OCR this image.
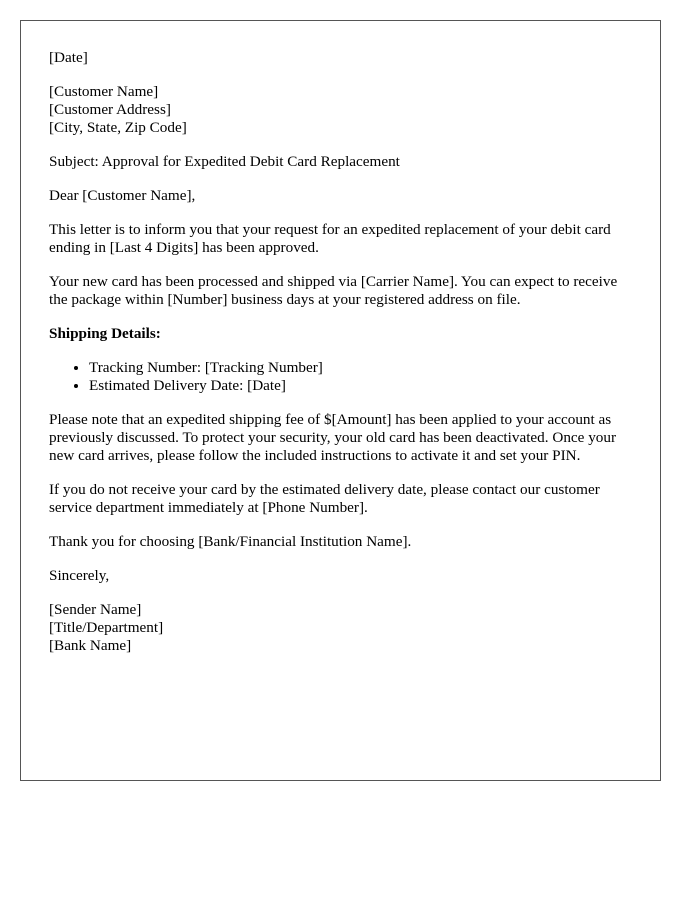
[Date]

[Customer Name]
[Customer Address]
[City, State, Zip Code]

Subject: Approval for Expedited Debit Card Replacement

Dear [Customer Name],

This letter is to inform you that your request for an expedited replacement of your debit card ending in [Last 4 Digits] has been approved.

Your new card has been processed and shipped via [Carrier Name]. You can expect to receive the package within [Number] business days at your registered address on file.

Shipping Details:

• Tracking Number: [Tracking Number]
• Estimated Delivery Date: [Date]

Please note that an expedited shipping fee of $[Amount] has been applied to your account as previously discussed. To protect your security, your old card has been deactivated. Once your new card arrives, please follow the included instructions to activate it and set your PIN.

If you do not receive your card by the estimated delivery date, please contact our customer service department immediately at [Phone Number].

Thank you for choosing [Bank/Financial Institution Name].

Sincerely,

[Sender Name]
[Title/Department]
[Bank Name]
